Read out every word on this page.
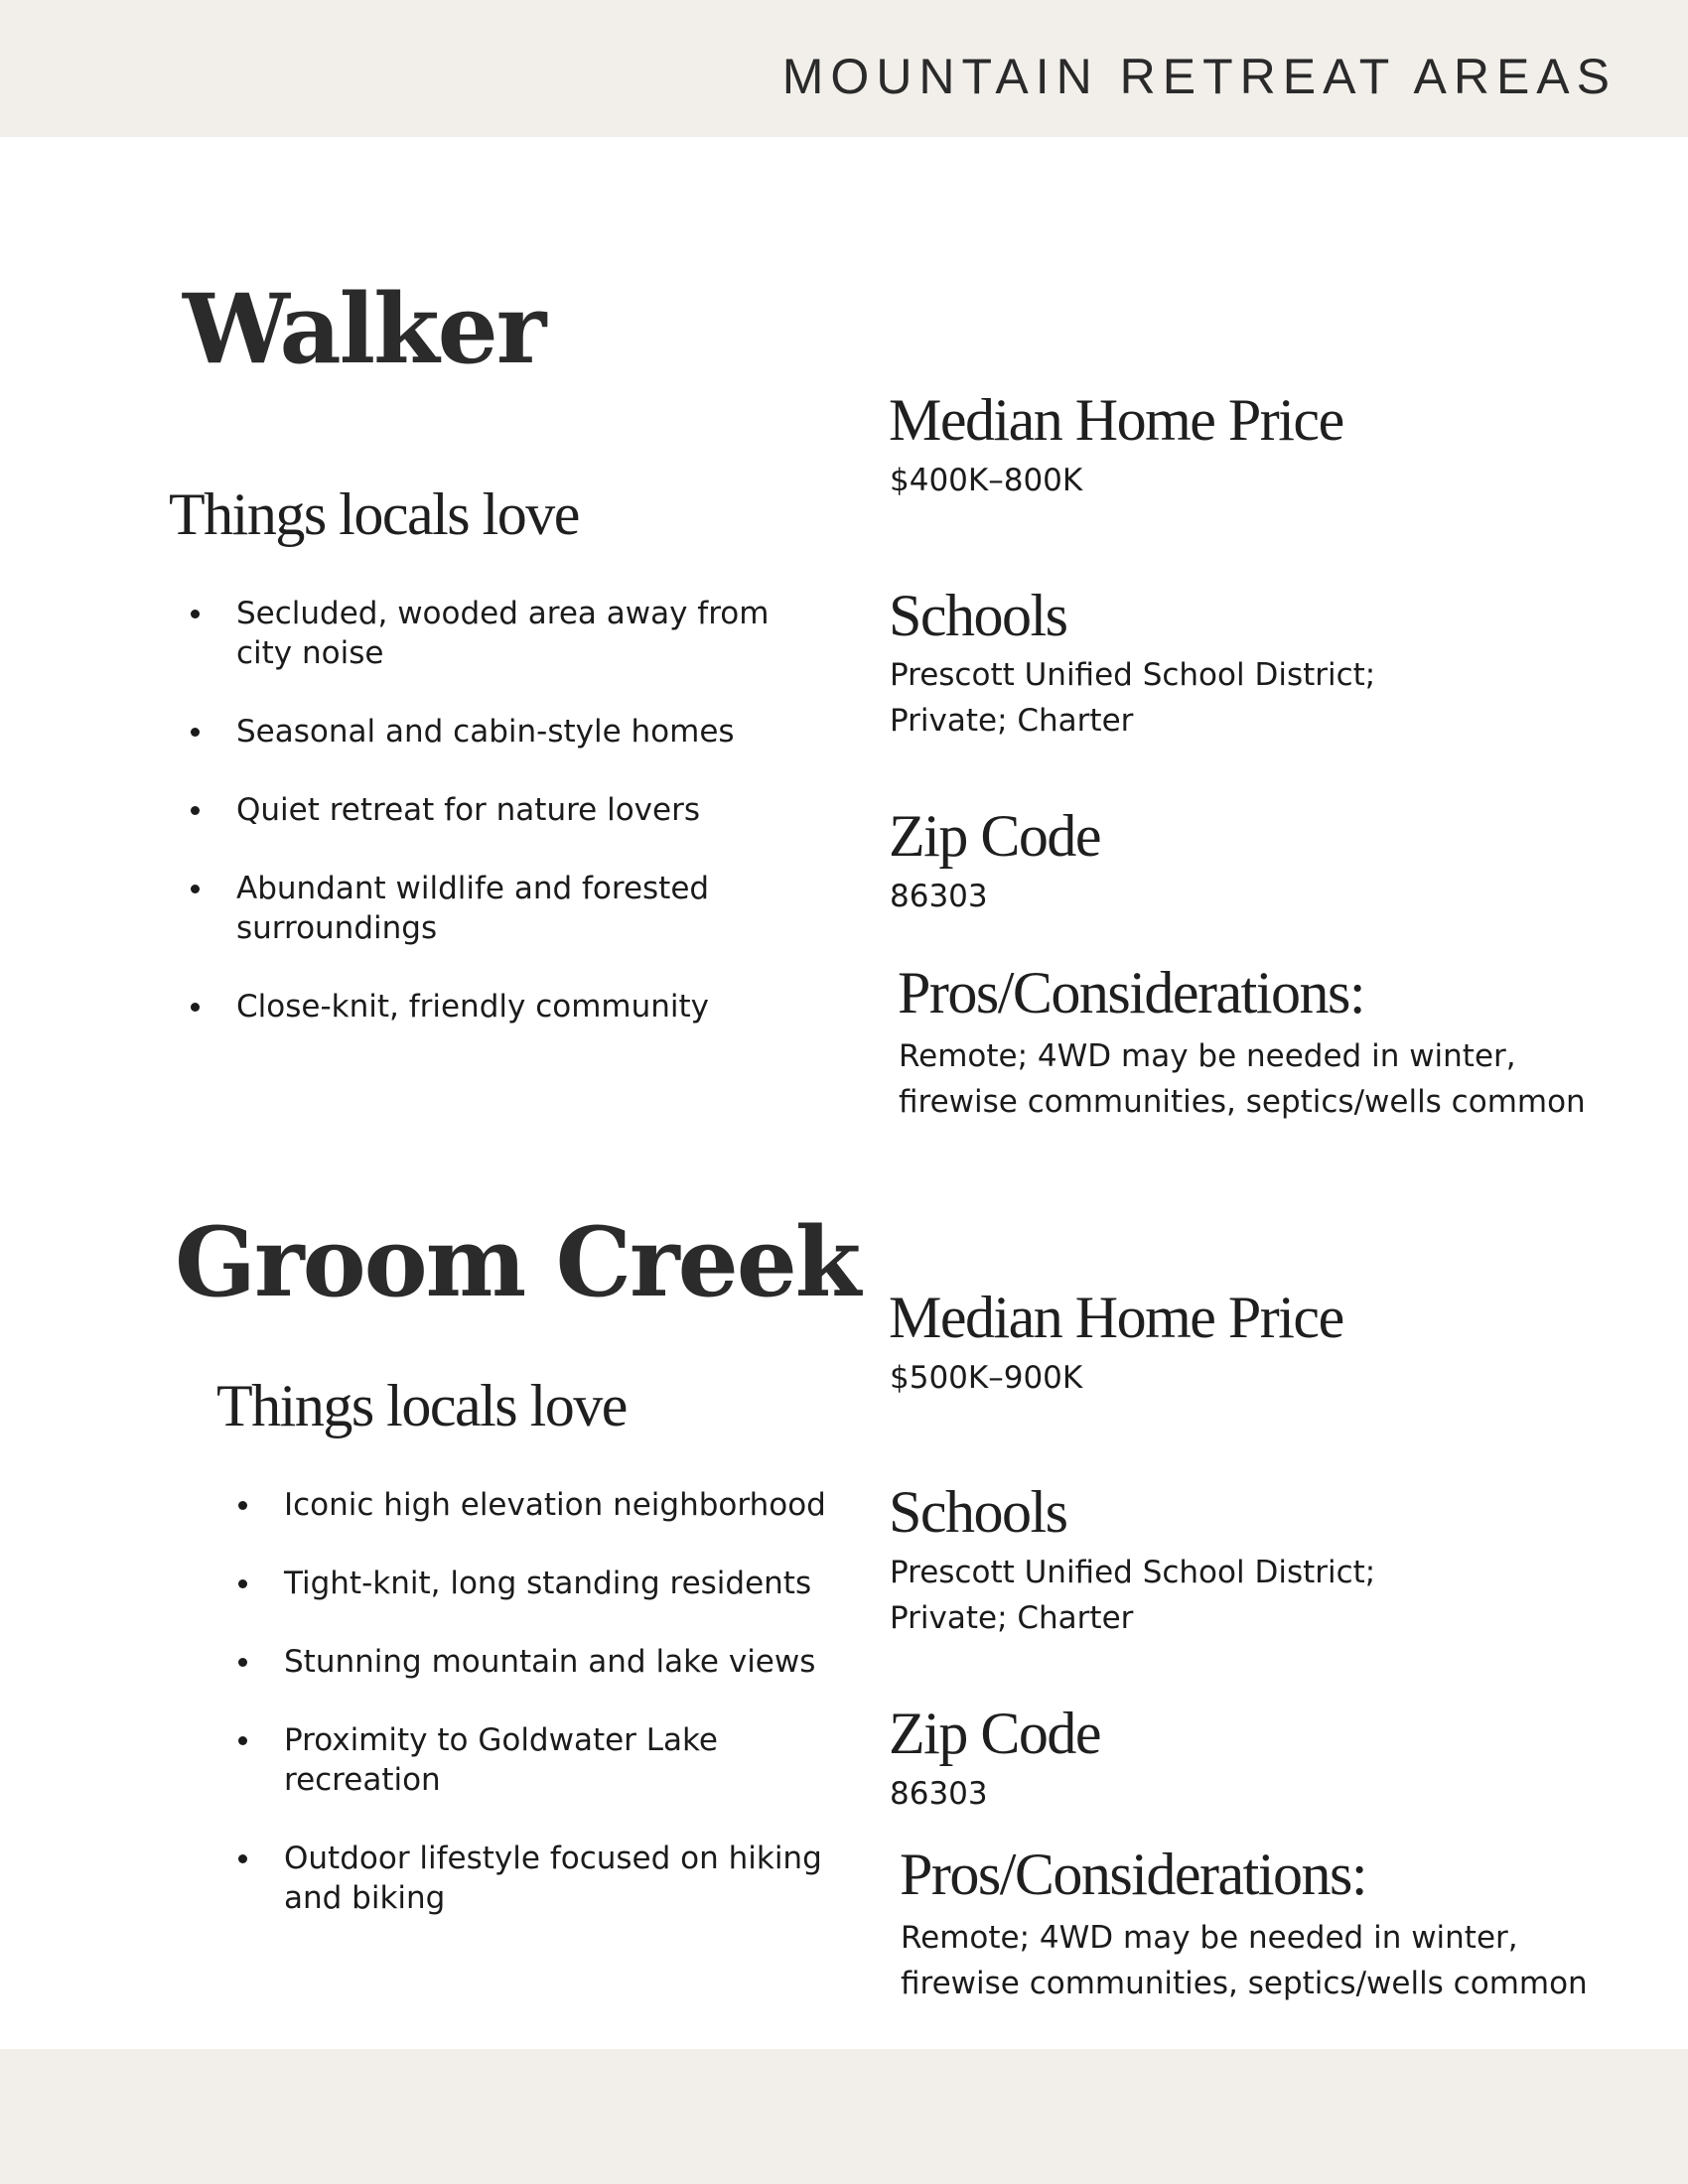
MOUNTAIN RETREAT AREAS
Walker
Things locals love
Secluded, wooded area away from city noise
Seasonal and cabin-style homes
Quiet retreat for nature lovers
Abundant wildlife and forested surroundings
Close-knit, friendly community
Median Home Price
$400K–800K
Schools
Prescott Unified School District;
Private; Charter
Zip Code
86303
Pros/Considerations:
Remote; 4WD may be needed in winter,
firewise communities, septics/wells common
Groom Creek
Things locals love
Iconic high elevation neighborhood
Tight-knit, long standing residents
Stunning mountain and lake views
Proximity to Goldwater Lake recreation
Outdoor lifestyle focused on hiking and biking
Median Home Price
$500K–900K
Schools
Prescott Unified School District;
Private; Charter
Zip Code
86303
Pros/Considerations:
Remote; 4WD may be needed in winter,
firewise communities, septics/wells common
